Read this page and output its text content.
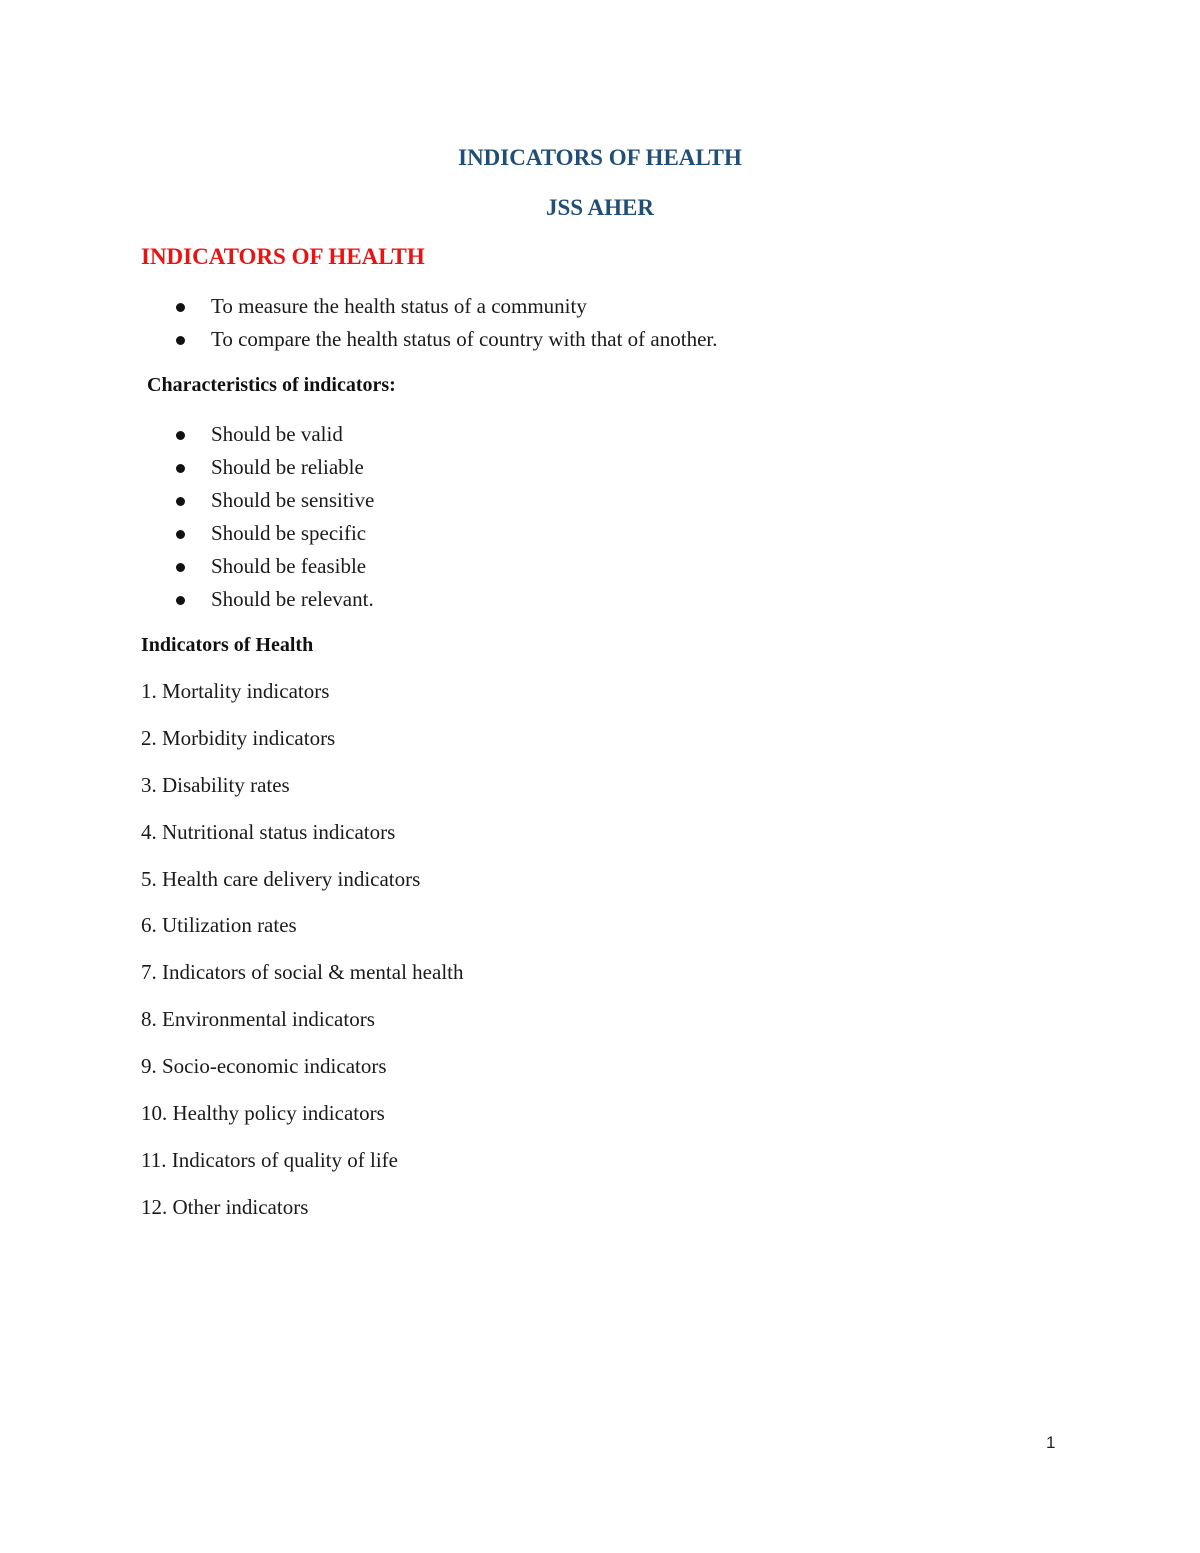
INDICATORS OF HEALTH
JSS AHER
INDICATORS OF HEALTH
To measure the health status of a community
To compare the health status of country with that of another.
Characteristics of indicators:
Should be valid
Should be reliable
Should be sensitive
Should be specific
Should be feasible
Should be relevant.
Indicators of Health
1. Mortality indicators
2. Morbidity indicators
3. Disability rates
4. Nutritional status indicators
5. Health care delivery indicators
6. Utilization rates
7. Indicators of social & mental health
8. Environmental indicators
9. Socio-economic indicators
10. Healthy policy indicators
11. Indicators of quality of life
12. Other indicators
1
